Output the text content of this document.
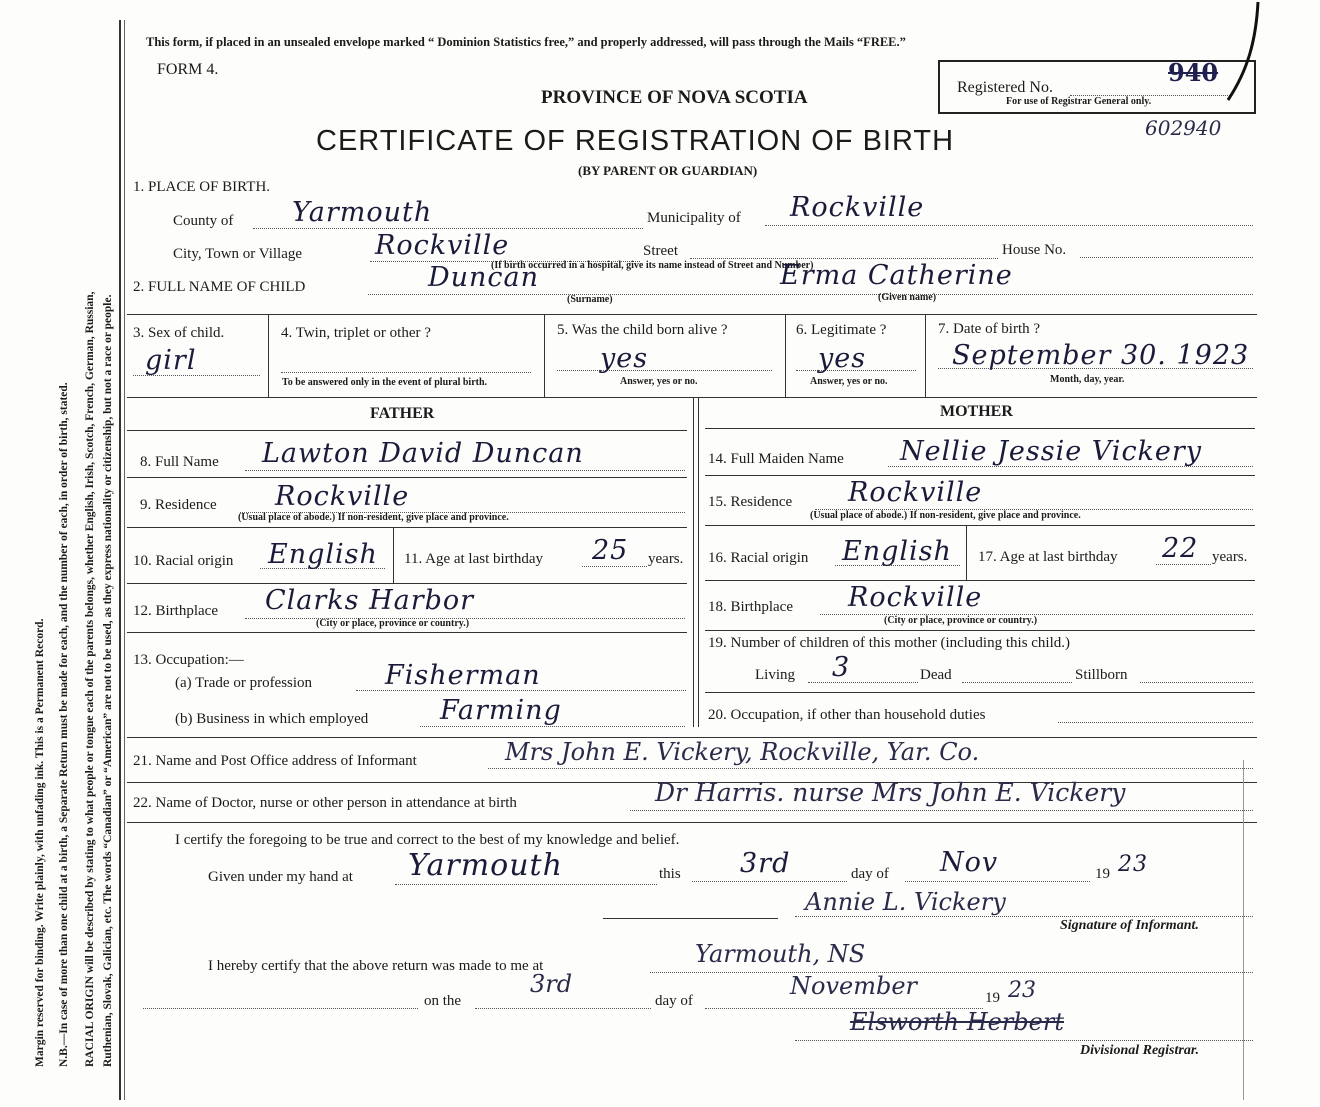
Margin reserved for binding. Write plainly, with unfading ink. This is a Permanent Record. N.B.—In case of more than one child at a birth, a Separate Return must be made for each, and the number of each, in order of birth, stated. RACIAL ORIGIN will be described by stating to what people or tongue each of the parents belongs, whether English, Irish, Scotch, French, German, Russian, Ruthenian, Slovak, Galician, etc. The words “Canadian” or “American” are not to be used, as they express nationality or citizenship, but not a race or people.
This form, if placed in an unsealed envelope marked “ Dominion Statistics free,” and properly addressed, will pass through the Mails “FREE.”
FORM 4.
PROVINCE OF NOVA SCOTIA
CERTIFICATE OF REGISTRATION OF BIRTH
(BY PARENT OR GUARDIAN)
Registered No.
940
For use of Registrar General only.
602940
1. PLACE OF BIRTH.
County of Yarmouth	Municipality of Rockville
City, Town or Village	Rockville	Street	House No.
(If birth occurred in a hospital, give its name instead of Street and Number)
2. FULL NAME OF CHILD	Duncan
(Surname)
Erma Catherine
(Given name)
3. Sex of child.
girl
4. Twin, triplet or other ?
To be answered only in the event of plural birth.
5. Was the child born alive ?
yes
Answer, yes or no.
6. Legitimate ?
yes
Answer, yes or no.
7. Date of birth ?
September 30. 1923
Month, day, year.
FATHER
8. Full Name Lawton David Duncan
9. Residence Rockville
(Usual place of abode.) If non-resident, give place and province.
10. Racial origin English 11. Age at last birthday 25 years.
12. Birthplace Clarks Harbor
(City or place, province or country.)
13. Occupation:—
(a) Trade or profession	Fisherman
(b) Business in which employed	Farming
MOTHER
14. Full Maiden Name Nellie Jessie Vickery
15. Residence Rockville
(Usual place of abode.) If non-resident, give place and province.
16. Racial origin English 17. Age at last birthday 22 years.
18. Birthplace Rockville
(City or place, province or country.)
19. Number of children of this mother (including this child.)
Living 3	Dead	Stillborn
20. Occupation, if other than household duties
21. Name and Post Office address of Informant	Mrs John E. Vickery, Rockville, Yar. Co.
22. Name of Doctor, nurse or other person in attendance at birth	Dr Harris. nurse Mrs John E. Vickery
I certify the foregoing to be true and correct to the best of my knowledge and belief.
Given under my hand at Yarmouth	this 3rd	day of Nov	19 23
Annie L. Vickery
Signature of Informant.
I hereby certify that the above return was made to me at	Yarmouth, NS
on the
3rd
day of
November	19 23
Elsworth Herbert
Divisional Registrar.
